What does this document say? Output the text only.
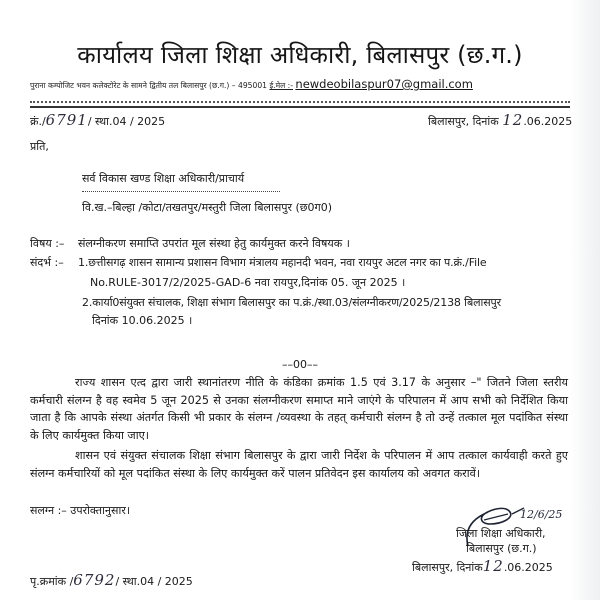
कार्यालय जिला शिक्षा अधिकारी, बिलासपुर (छ.ग.)
पुराना कम्पोजिट भवन कलेक्टोरेट के सामने द्वितीय तल बिलासपुर (छ.ग.) – 495001 ई.मेल :- newdeobilaspur07@gmail.com
क्रं./6791/ स्था.04 / 2025	बिलासपुर, दिनांक 12.06.2025
प्रति,
सर्व विकास खण्ड शिक्षा अधिकारी/प्राचार्य
वि.ख.–बिल्हा /कोटा/तखतपुर/मस्तुरी जिला बिलासपुर (छ0ग0)
विषय :– संलग्नीकरण समाप्ति उपरांत मूल संस्था हेतु कार्यमुक्त करने विषयक ।
संदर्भ :– 1.छत्तीसगढ़ शासन सामान्य प्रशासन विभाग मंत्रालय महानदी भवन, नवा रायपुर अटल नगर का प.क्रं./File
No.RULE-3017/2/2025-GAD-6 नवा रायपुर,दिनांक 05. जून 2025 ।
2.कार्या0संयुक्त संचालक, शिक्षा संभाग बिलासपुर का प.क्रं./स्था.03/संलग्नीकरण/2025/2138 बिलासपुर
दिनांक 10.06.2025 ।
––00––
राज्य शासन एत्द द्वारा जारी स्थानांतरण नीति के कंडिका क्रमांक 1.5 एवं 3.17 के अनुसार –" जितने जिला स्तरीय कर्मचारी संलग्न है वह स्वमेव 5 जून 2025 से उनका संलग्नीकरण समाप्त माने जाएंगे के परिपालन में आप सभी को निर्देशित किया जाता है कि आपके संस्था अंतर्गत किसी भी प्रकार के संलग्न /व्यवस्था के तहत् कर्मचारी संलग्न है तो उन्हें तत्काल मूल पदांकित संस्था के लिए कार्यमुक्त किया जाए।
शासन एवं संयुक्त संचालक शिक्षा संभाग बिलासपुर के द्वारा जारी निर्देश के परिपालन में आप तत्काल कार्यवाही करते हुए संलग्न कर्मचारियों को मूल पदांकित संस्था के लिए कार्यमुक्त करें पालन प्रतिवेदन इस कार्यालय को अवगत करावें।
सलग्न :– उपरोक्तानुसार।	12/6/25
जिला शिक्षा अधिकारी,
बिलासपुर (छ.ग.)
बिलासपुर, दिनांक12.06.2025
पृ.क्रमांक /6792/ स्था.04 / 2025
